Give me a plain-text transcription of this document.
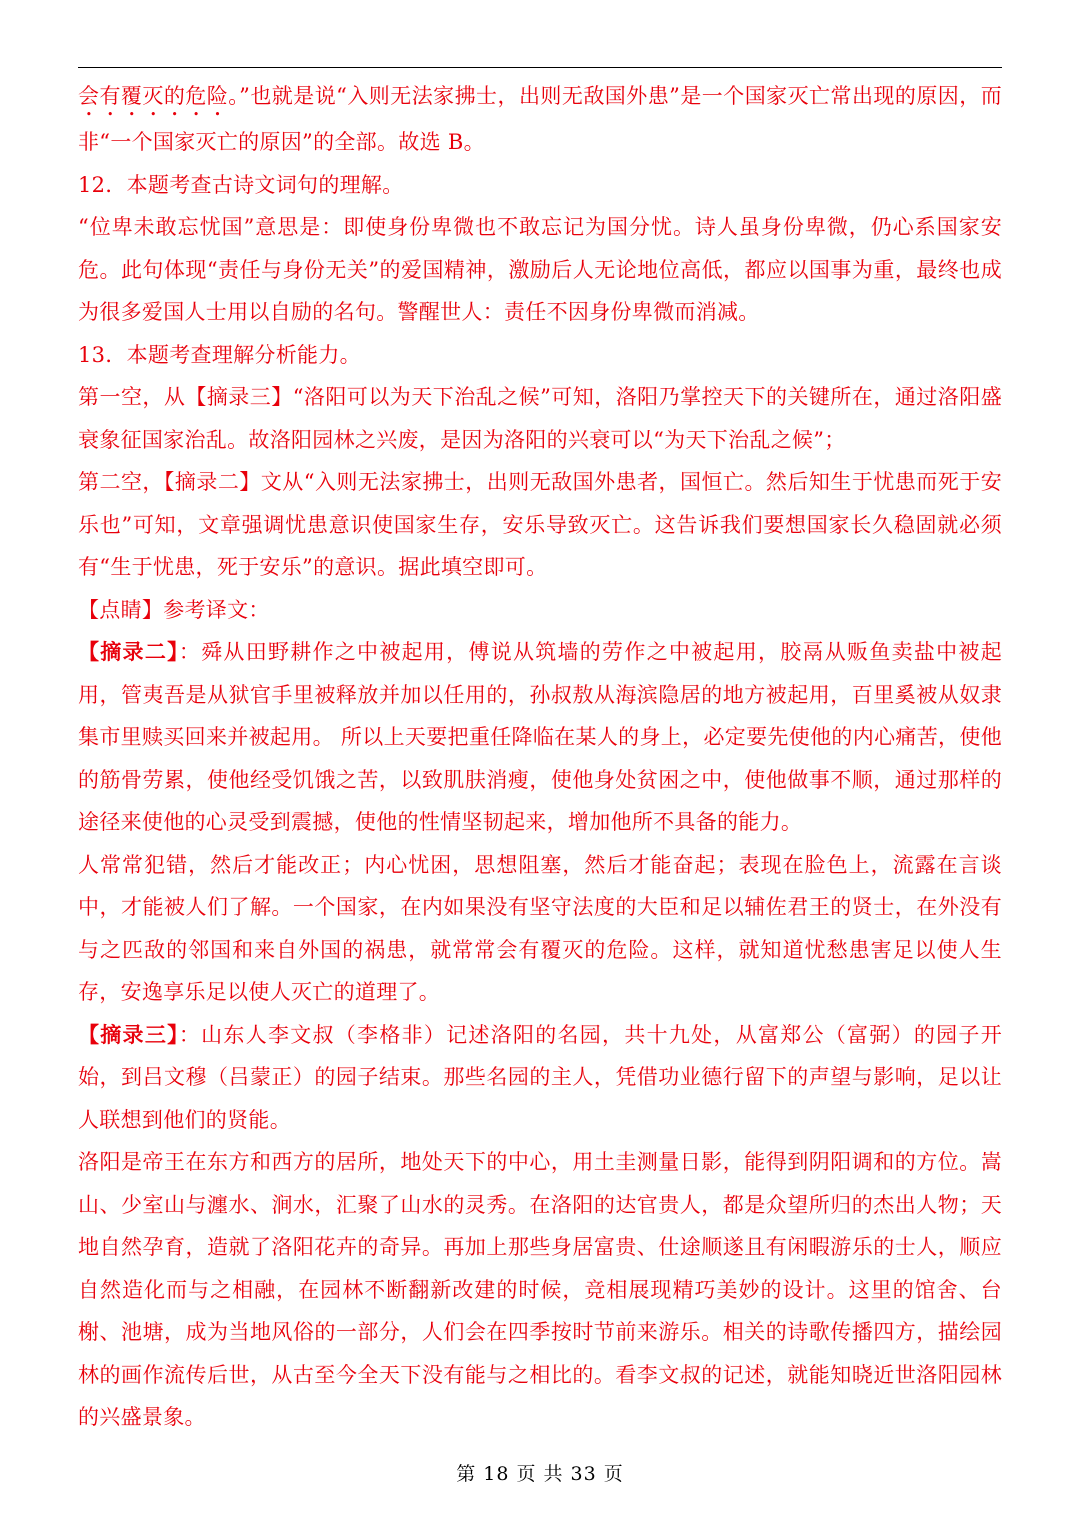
会有覆灭的危险。”也就是说“入则无法家拂士，出则无敌国外患”是一个国家灭亡常出现的原因，而非“一个国家灭亡的原因”的全部。故选 B。

12．本题考查古诗文词句的理解。

“位卑未敢忘忧国”意思是：即使身份卑微也不敢忘记为国分忧。诗人虽身份卑微，仍心系国家安危。此句体现“责任与身份无关”的爱国精神，激励后人无论地位高低，都应以国事为重，最终也成为很多爱国人士用以自励的名句。警醒世人：责任不因身份卑微而消减。

13．本题考查理解分析能力。

第一空，从【摘录三】“洛阳可以为天下治乱之候”可知，洛阳乃掌控天下的关键所在，通过洛阳盛衰象征国家治乱。故洛阳园林之兴废，是因为洛阳的兴衰可以“为天下治乱之候”；

第二空，【摘录二】文从“入则无法家拂士，出则无敌国外患者，国恒亡。然后知生于忧患而死于安乐也”可知，文章强调忧患意识使国家生存，安乐导致灭亡。这告诉我们要想国家长久稳固就必须有“生于忧患，死于安乐”的意识。据此填空即可。

【点睛】参考译文：

【摘录二】：舜从田野耕作之中被起用，傅说从筑墙的劳作之中被起用，胶鬲从贩鱼卖盐中被起用，管夷吾是从狱官手里被释放并加以任用的，孙叔敖从海滨隐居的地方被起用，百里奚被从奴隶集市里赎买回来并被起用。 所以上天要把重任降临在某人的身上，必定要先使他的内心痛苦，使他的筋骨劳累，使他经受饥饿之苦，以致肌肤消瘦，使他身处贫困之中，使他做事不顺，通过那样的途径来使他的心灵受到震撼，使他的性情坚韧起来，增加他所不具备的能力。

人常常犯错，然后才能改正；内心忧困，思想阻塞，然后才能奋起；表现在脸色上，流露在言谈中，才能被人们了解。一个国家，在内如果没有坚守法度的大臣和足以辅佐君王的贤士，在外没有与之匹敌的邻国和来自外国的祸患，就常常会有覆灭的危险。这样，就知道忧愁患害足以使人生存，安逸享乐足以使人灭亡的道理了。

【摘录三】：山东人李文叔（李格非）记述洛阳的名园，共十九处，从富郑公（富弼）的园子开始，到吕文穆（吕蒙正）的园子结束。那些名园的主人，凭借功业德行留下的声望与影响，足以让人联想到他们的贤能。

洛阳是帝王在东方和西方的居所，地处天下的中心，用土圭测量日影，能得到阴阳调和的方位。嵩山、少室山与瀍水、涧水，汇聚了山水的灵秀。在洛阳的达官贵人，都是众望所归的杰出人物；天地自然孕育，造就了洛阳花卉的奇异。再加上那些身居富贵、仕途顺遂且有闲暇游乐的士人，顺应自然造化而与之相融，在园林不断翻新改建的时候，竞相展现精巧美妙的设计。这里的馆舍、台榭、池塘，成为当地风俗的一部分，人们会在四季按时节前来游乐。相关的诗歌传播四方，描绘园林的画作流传后世，从古至今全天下没有能与之相比的。看李文叔的记述，就能知晓近世洛阳园林的兴盛景象。

第 18 页 共 33 页
